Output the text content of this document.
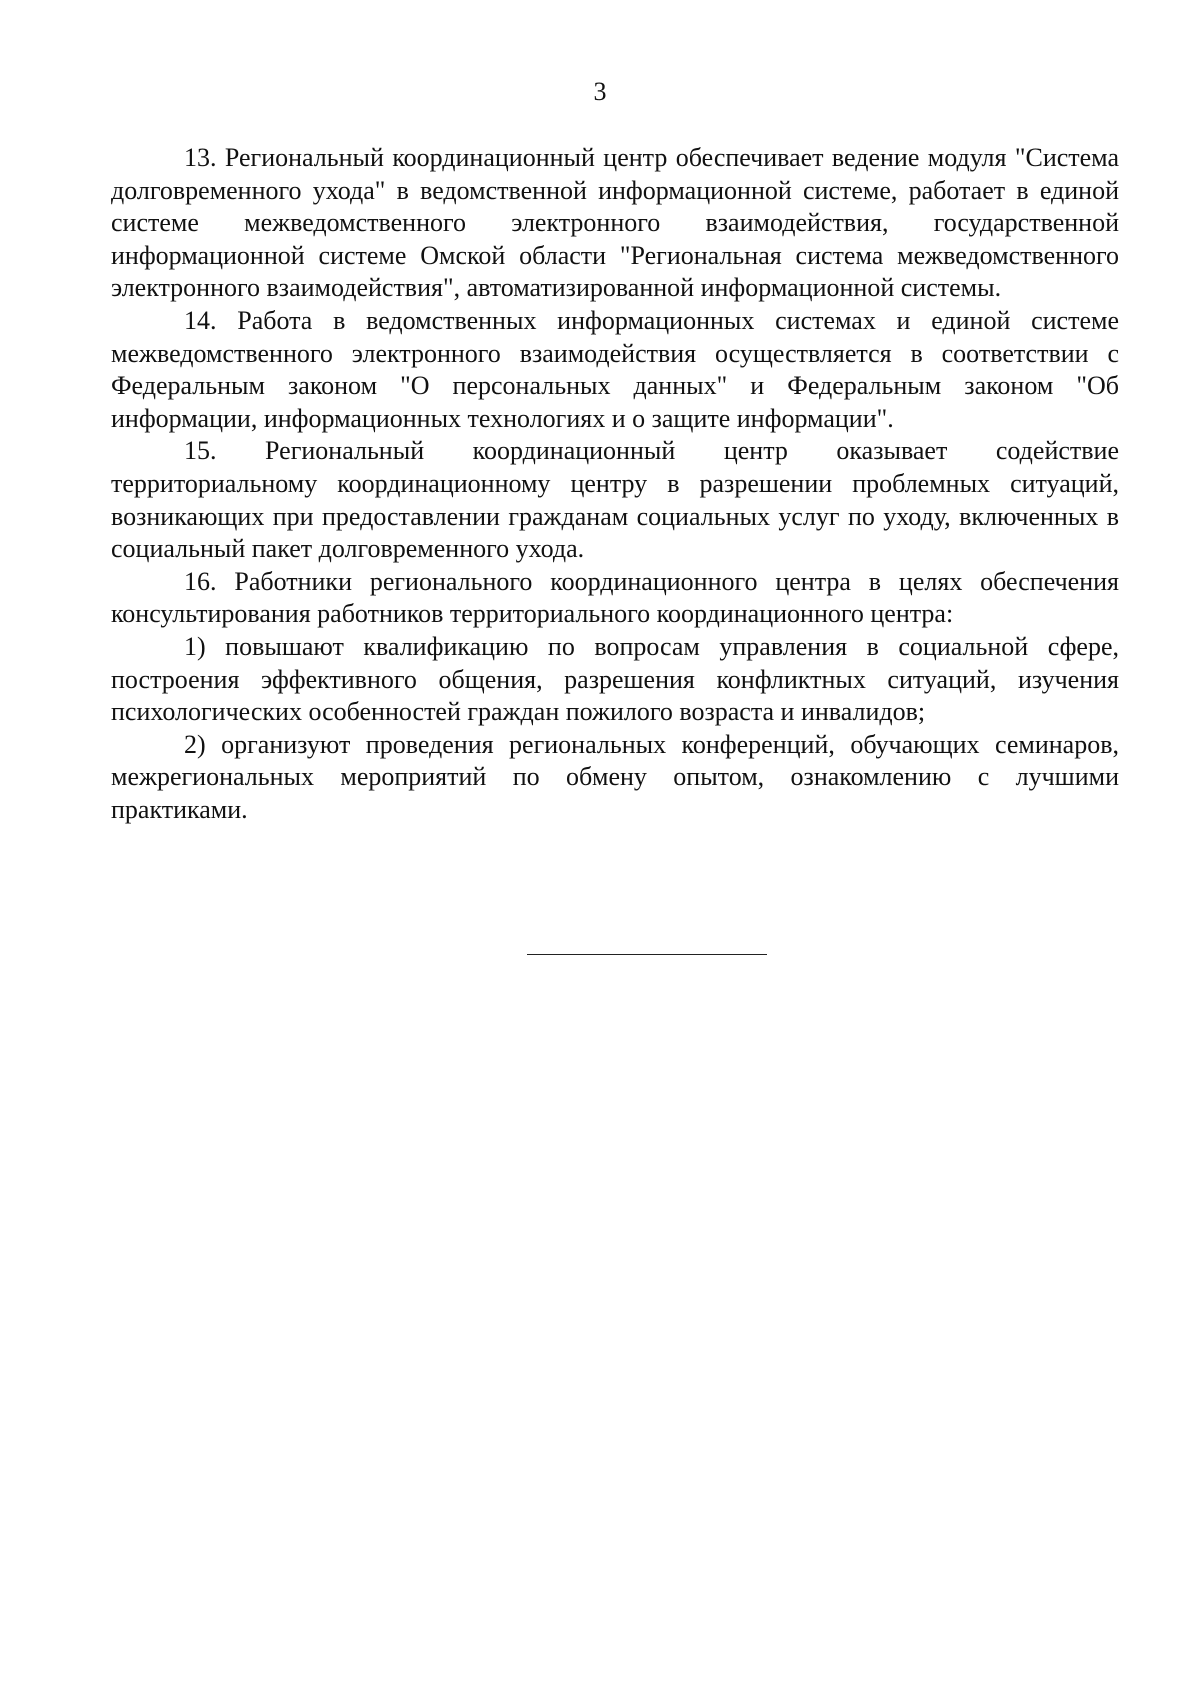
3

13. Региональный координационный центр обеспечивает ведение модуля "Система долговременного ухода" в ведомственной информационной системе, работает в единой системе межведомственного электронного взаимодействия, государственной информационной системе Омской области "Региональная система межведомственного электронного взаимодействия", автоматизированной информационной системы.

14. Работа в ведомственных информационных системах и единой системе межведомственного электронного взаимодействия осуществляется в соответствии с Федеральным законом "О персональных данных" и Федеральным законом "Об информации, информационных технологиях и о защите информации".

15. Региональный координационный центр оказывает содействие территориальному координационному центру в разрешении проблемных ситуаций, возникающих при предоставлении гражданам социальных услуг по уходу, включенных в социальный пакет долговременного ухода.

16. Работники регионального координационного центра в целях обеспечения консультирования работников территориального координационного центра:

1) повышают квалификацию по вопросам управления в социальной сфере, построения эффективного общения, разрешения конфликтных ситуаций, изучения психологических особенностей граждан пожилого возраста и инвалидов;

2) организуют проведения региональных конференций, обучающих семинаров, межрегиональных мероприятий по обмену опытом, ознакомлению с лучшими практиками.
